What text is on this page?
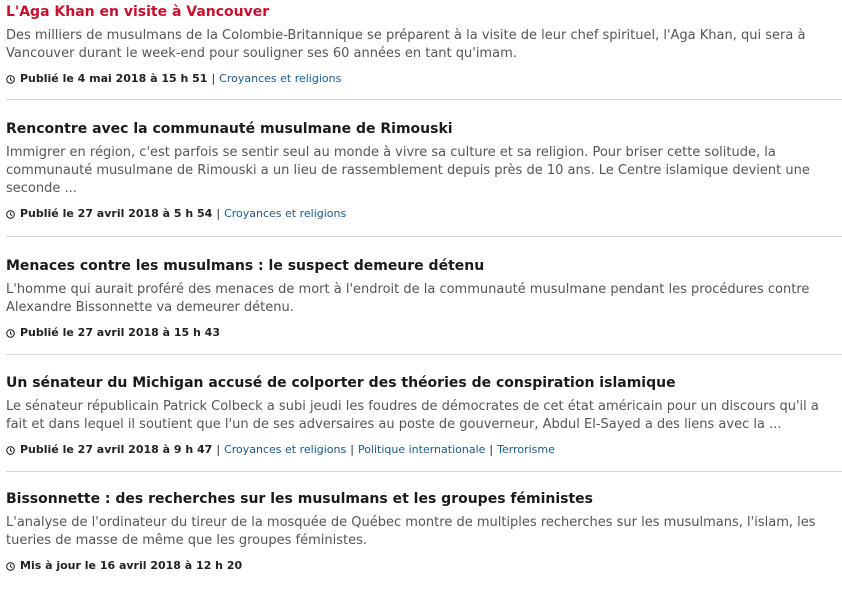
L'Aga Khan en visite à Vancouver

Des milliers de musulmans de la Colombie-Britannique se préparent à la visite de leur chef spirituel, l'Aga Khan, qui sera à Vancouver durant le week-end pour souligner ses 60 années en tant qu'imam.

Publié le 4 mai 2018 à 15 h 51 | Croyances et religions
Rencontre avec la communauté musulmane de Rimouski

Immigrer en région, c'est parfois se sentir seul au monde à vivre sa culture et sa religion. Pour briser cette solitude, la communauté musulmane de Rimouski a un lieu de rassemblement depuis près de 10 ans. Le Centre islamique devient une seconde ...

Publié le 27 avril 2018 à 5 h 54 | Croyances et religions
Menaces contre les musulmans : le suspect demeure détenu

L'homme qui aurait proféré des menaces de mort à l'endroit de la communauté musulmane pendant les procédures contre Alexandre Bissonnette va demeurer détenu.

Publié le 27 avril 2018 à 15 h 43
Un sénateur du Michigan accusé de colporter des théories de conspiration islamique

Le sénateur républicain Patrick Colbeck a subi jeudi les foudres de démocrates de cet état américain pour un discours qu'il a fait et dans lequel il soutient que l'un de ses adversaires au poste de gouverneur, Abdul El-Sayed a des liens avec la ...

Publié le 27 avril 2018 à 9 h 47 | Croyances et religions | Politique internationale | Terrorisme
Bissonnette : des recherches sur les musulmans et les groupes féministes

L'analyse de l'ordinateur du tireur de la mosquée de Québec montre de multiples recherches sur les musulmans, l'islam, les tueries de masse de même que les groupes féministes.

Mis à jour le 16 avril 2018 à 12 h 20
